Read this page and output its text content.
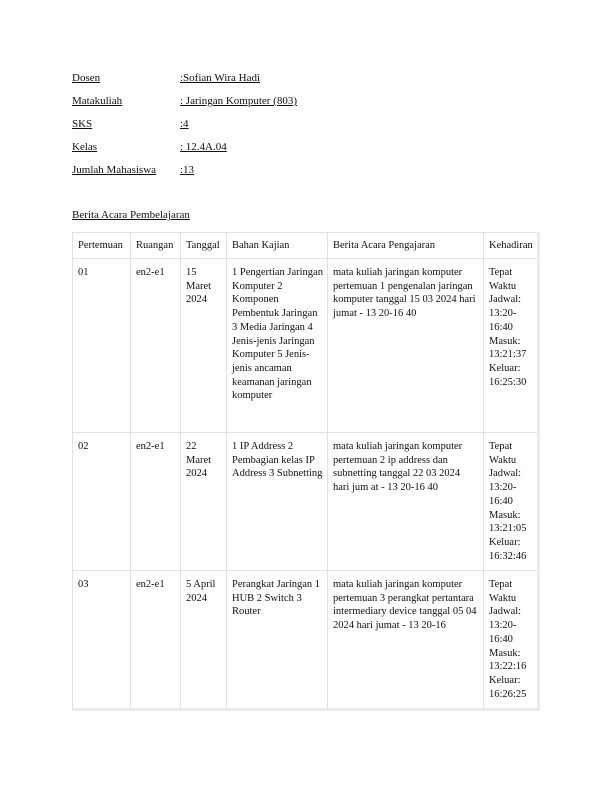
Dosen	:Sofian Wira Hadi
Matakuliah	: Jaringan Komputer (803)
SKS	:4
Kelas	: 12.4A.04
Jumlah Mahasiswa	:13
Berita Acara Pembelajaran
Pertemuan	Ruangan	Tanggal	Bahan Kajian	Berita Acara Pengajaran	Kehadiran
01	en2-e1	15 Maret 2024	1 Pengertian Jaringan Komputer 2 Komponen Pembentuk Jaringan 3 Media Jaringan 4 Jenis-jenis Jaringan Komputer 5 Jenis-jenis ancaman keamanan jaringan komputer	mata kuliah jaringan komputer pertemuan 1 pengenalan jaringan komputer tanggal 15 03 2024 hari jumat - 13 20-16 40	Tepat Waktu Jadwal: 13:20-16:40 Masuk: 13:21:37 Keluar: 16:25:30
02	en2-e1	22 Maret 2024	1 IP Address 2 Pembagian kelas IP Address 3 Subnetting	mata kuliah jaringan komputer pertemuan 2 ip address dan subnetting tanggal 22 03 2024 hari jum at - 13 20-16 40	Tepat Waktu Jadwal: 13:20-16:40 Masuk: 13:21:05 Keluar: 16:32:46
03	en2-e1	5 April 2024	Perangkat Jaringan 1 HUB 2 Switch 3 Router	mata kuliah jaringan komputer pertemuan 3 perangkat pertantara intermediary device tanggal 05 04 2024 hari jumat - 13 20-16	Tepat Waktu Jadwal: 13:20-16:40 Masuk: 13:22:16 Keluar: 16:26:25
